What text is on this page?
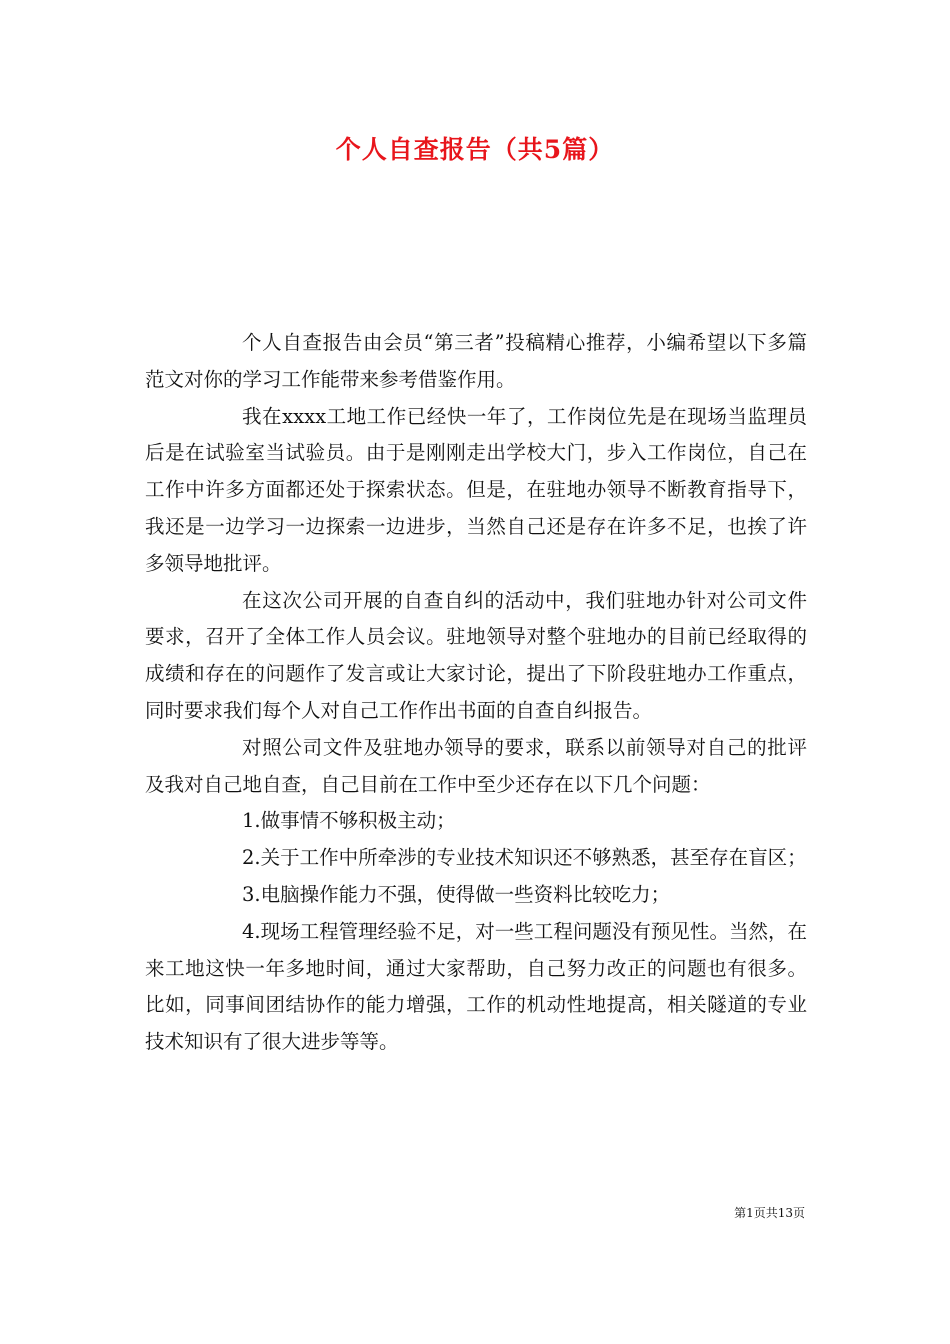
个人自查报告（共5篇）

个人自查报告由会员“第三者”投稿精心推荐，小编希望以下多篇范文对你的学习工作能带来参考借鉴作用。

我在xxxx工地工作已经快一年了，工作岗位先是在现场当监理员后是在试验室当试验员。由于是刚刚走出学校大门，步入工作岗位，自己在工作中许多方面都还处于探索状态。但是，在驻地办领导不断教育指导下，我还是一边学习一边探索一边进步，当然自己还是存在许多不足，也挨了许多领导地批评。

在这次公司开展的自查自纠的活动中，我们驻地办针对公司文件要求，召开了全体工作人员会议。驻地领导对整个驻地办的目前已经取得的成绩和存在的问题作了发言或让大家讨论，提出了下阶段驻地办工作重点，同时要求我们每个人对自己工作作出书面的自查自纠报告。

对照公司文件及驻地办领导的要求，联系以前领导对自己的批评及我对自己地自查，自己目前在工作中至少还存在以下几个问题：

1.做事情不够积极主动；

2.关于工作中所牵涉的专业技术知识还不够熟悉，甚至存在盲区；

3.电脑操作能力不强，使得做一些资料比较吃力；

4.现场工程管理经验不足，对一些工程问题没有预见性。当然，在来工地这快一年多地时间，通过大家帮助，自己努力改正的问题也有很多。比如，同事间团结协作的能力增强，工作的机动性地提高，相关隧道的专业技术知识有了很大进步等等。

第1页共13页
